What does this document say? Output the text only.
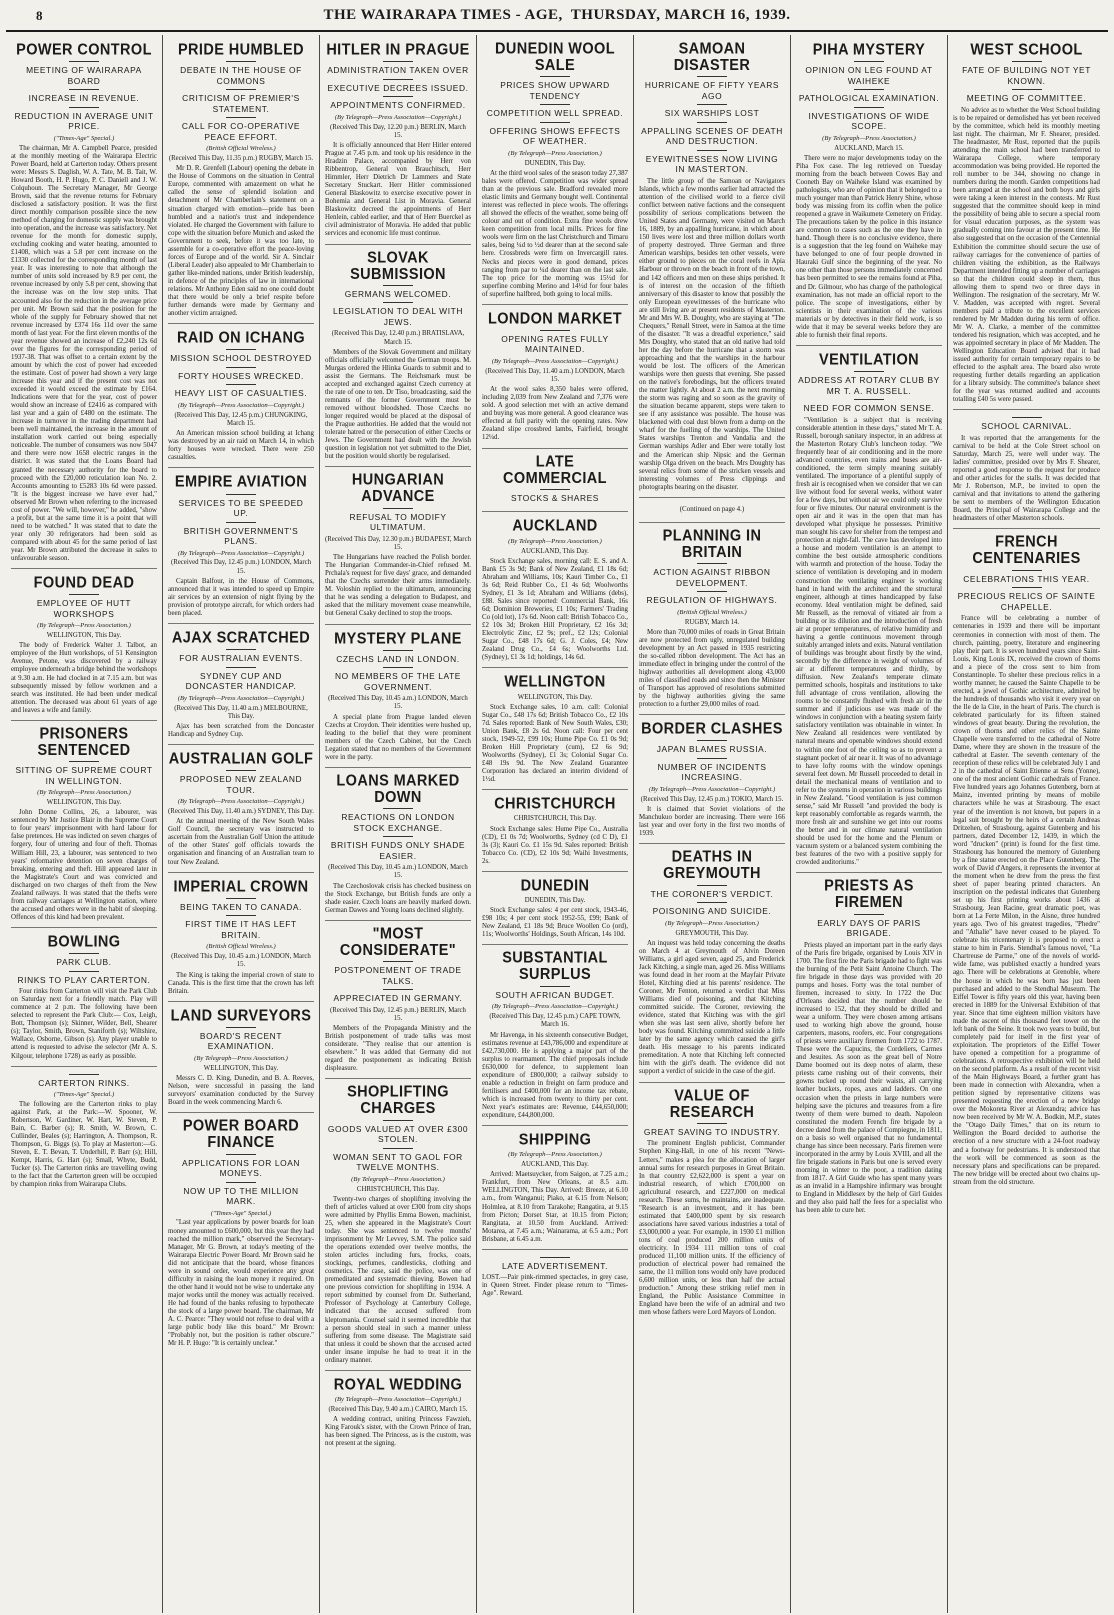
8	THE WAIRARAPA TIMES - AGE, THURSDAY, MARCH 16, 1939.
POWER CONTROL
MEETING OF WAIRARAPA BOARD
INCREASE IN REVENUE.
REDUCTION IN AVERAGE UNIT PRICE.
("Times-Age" Special.)

The chairman, Mr A. Campbell Pearce, presided at the monthly meeting of the Wairarapa Electric Power Board, held at Carterton today. Others present were: Messrs S. Daglish, W. A. Tate, M. B. Tait, W. Howard Booth, H. P. Hugo, P. C. Daniell and J. W. Colquhoun. The Secretary Manager, Mr George Brown, said that the revenue returns for February disclosed a satisfactory position. It was the first direct monthly comparison possible since the new method of charging for domestic supply was brought into operation, and the increase was satisfactory. Net revenue for the month for domestic supply, excluding cooking and water heating, amounted to £1408, which was a 5.8 per cent increase on the £1330 collected for the corresponding month of last year. It was interesting to note that although the number of units sold increased by 8.9 per cent, the revenue increased by only 5.8 per cent, showing that the increase was on the low step units. That accounted also for the reduction in the average price per unit. Mr Brown said that the position for the whole of the supply for February showed that net revenue increased by £374 16s 11d over the same month of last year. For the first eleven months of the year revenue showed an increase of £2,240 12s 6d over the figures for the corresponding period of 1937-38. That was offset to a certain extent by the amount by which the cost of power had exceeded the estimate. Cost of power had shown a very large increase this year and if the present cost was not exceeded it would exceed the estimate by £164. Indications were that for the year, cost of power would show an increase of £2416 as compared with last year and a gain of £480 on the estimate. The increase in turnover in the trading department had been well maintained, the increase in the amount of installation work carried out being especially noticeable. The number of consumers was now 5047 and there were now 1658 electric ranges in the district. It was stated that the Loans Board had granted the necessary authority for the board to proceed with the £20,000 reticulation loan No. 2. Accounts amounting to £5283 10s 6d were passed. "It is the biggest increase we have ever had," observed Mr Brown when referring to the increased cost of power. "We will, however," he added, "show a profit, but at the same time it is a point that will need to be watched." It was stated that to date the year only 30 refrigerators had been sold as compared with about 45 for the same period of last year. Mr Brown attributed the decrease in sales to unfavourable season.

FOUND DEAD
EMPLOYEE OF HUTT WORKSHOPS
(By Telegraph—Press Association.)
WELLINGTON, This Day.

The body of Frederick Walter J. Talbot, an employee of the Hutt workshops, of 51 Kensington Avenue, Petone, was discovered by a railway employee underneath a bridge behind the workshops at 9.30 a.m. He had clocked in at 7.15 a.m. but was subsequently missed by fellow workmen and a search was instituted. He had been under medical attention. The deceased was about 61 years of age and leaves a wife and family.

PRISONERS SENTENCED
SITTING OF SUPREME COURT IN WELLINGTON.
(By Telegraph—Press Association.)
WELLINGTON, This Day.

John Donne Collins, 26, a labourer, was sentenced by Mr Justice Blair in the Supreme Court to four years' imprisonment with hard labour for false pretences. He was indicted on seven charges of forgery, four of uttering and four of theft. Thomas William Hill, 23, a labourer, was sentenced to two years' reformative detention on seven charges of breaking, entering and theft. Hill appeared later in the Magistrate's Court and was convicted and discharged on two charges of theft from the New Zealand railways. It was stated that the thefts were from railway carriages at Wellington station, where the accused and others were in the habit of sleeping. Offences of this kind had been prevalent.

BOWLING
PARK CLUB.
RINKS TO PLAY CARTERTON.

Four rinks from Carterton will visit the Park Club on Saturday next for a friendly match. Play will commence at 2 p.m. The following have been selected to represent the Park Club:— Cox, Leigh, Bott, Thompson (s); Skinner, Wilder, Bell, Shearer (s); Taylor, Smith, Brown, Staniforth (s); Wiltshire, Wallace, Osborne, Gibson (s). Any player unable to attend is requested to advise the selector (Mr A. S. Kilgour, telephone 1728) as early as possible.

CARTERTON RINKS.
("Times-Age" Special.)

The following are the Carterton rinks to play against Park, at the Park:—W. Spooner, W. Robertson, W. Gardiner, W. Hart, W. Steven, P. Bain, C. Barber (s); R. Smith, W. Brown, C. Cullinder, Beales (s); Harrington, A. Thompson, R. Thompson, G. Biggs (s). To play at Masterton:—G. Steven, E. T. Bevan, T. Underhill, P. Barr (s); Hill, Kempt, Harris, G. Hart (s); Small, Whyte, Budd, Tucker (s). The Carterton rinks are travelling owing to the fact that the Carterton green will be occupied by champion rinks from Wairarapa Clubs.

PRIDE HUMBLED
DEBATE IN THE HOUSE OF COMMONS
CRITICISM OF PREMIER'S STATEMENT.
CALL FOR CO-OPERATIVE PEACE EFFORT.
(British Official Wireless.)
(Received This Day, 11.35 p.m.) RUGBY, March 15.

Mr D. R. Grenfell (Labour) opening the debate in the House of Commons on the situation in Central Europe, commented with amazement on what he called the sense of splendid isolation and detachment of Mr Chamberlain's statement on a situation charged with emotion—pride has been humbled and a nation's trust and independence violated. He charged the Government with failure to cope with the situation before Munich and asked the Government to seek, before it was too late, to assemble for a co-operative effort the peace-loving forces of Europe and of the world. Sir A. Sinclair (Liberal Leader) also appealed to Mr Chamberlain to gather like-minded nations, under British leadership, in defence of the principles of law in international relations. Mr Anthony Eden said no one could doubt that there would be only a brief respite before further demands were made by Germany and another victim arraigned.

RAID ON ICHANG
MISSION SCHOOL DESTROYED
FORTY HOUSES WRECKED.
HEAVY LIST OF CASUALTIES.
(By Telegraph—Press Association—Copyright.)
(Received This Day, 12.45 p.m.) CHUNGKING, March 15.

An American mission school building at Ichang was destroyed by an air raid on March 14, in which forty houses were wrecked. There were 250 casualties.

EMPIRE AVIATION
SERVICES TO BE SPEEDED UP.
BRITISH GOVERNMENT'S PLANS.
(By Telegraph—Press Association—Copyright.)
(Received This Day, 12.45 p.m.) LONDON, March 15.

Captain Balfour, in the House of Commons, announced that it was intended to speed up Empire air services by an extension of night flying by the provision of prototype aircraft, for which orders had been placed.

AJAX SCRATCHED
FOR AUSTRALIAN EVENTS.
SYDNEY CUP AND DONCASTER HANDICAP.
(By Telegraph—Press Association—Copyright.)
(Received This Day, 11.40 a.m.) MELBOURNE, This Day.

Ajax has been scratched from the Doncaster Handicap and Sydney Cup.

AUSTRALIAN GOLF
PROPOSED NEW ZEALAND TOUR.
(By Telegraph—Press Association—Copyright.)
(Received This Day, 11.40 a.m.) SYDNEY, This Day.

At the annual meeting of the New South Wales Golf Council, the secretary was instructed to ascertain from the Australian Golf Union the attitude of the other States' golf officials towards the organisation and financing of an Australian team to tour New Zealand.

IMPERIAL CROWN
BEING TAKEN TO CANADA.
FIRST TIME IT HAS LEFT BRITAIN.
(British Official Wireless.)
(Received This Day, 10.45 a.m.) LONDON, March 15.

The King is taking the imperial crown of state to Canada. This is the first time that the crown has left Britain.

LAND SURVEYORS
BOARD'S RECENT EXAMINATION.
(By Telegraph—Press Association.)
WELLINGTON, This Day.

Messrs C. D. King, Dunedin, and B. A. Reeves, Nelson, were successful in passing the land surveyors' examination conducted by the Survey Board in the week commencing March 6.

POWER BOARD FINANCE
APPLICATIONS FOR LOAN MONEYS.
NOW UP TO THE MILLION MARK.
("Times-Age" Special.)

"Last year applications by power boards for loan money amounted to £600,000, but this year they had reached the million mark," observed the Secretary-Manager, Mr G. Brown, at today's meeting of the Wairarapa Electric Power Board. Mr Brown said he did not anticipate that the board, whose finances were in sound order, would experience any great difficulty in raising the loan money it required. On the other hand it would not be wise to undertake any major works until the money was actually received. He had found of the banks refusing to hypothecate the stock of a large power board. The chairman, Mr A. C. Pearce: "They would not refuse to deal with a large public body like this board." Mr Brown: "Probably not, but the position is rather obscure." Mr H. P. Hugo: "It is certainly unclear."

HITLER IN PRAGUE
ADMINISTRATION TAKEN OVER
EXECUTIVE DECREES ISSUED.
APPOINTMENTS CONFIRMED.
(By Telegraph—Press Association—Copyright.)
(Received This Day, 12.20 p.m.) BERLIN, March 15.

It is officially announced that Herr Hitler entered Prague at 7.45 p.m. and took up his residence in the Hradzin Palace, accompanied by Herr von Ribbentrop, General von Brauchitsch, Herr Himmler, Herr Dietrich Dr Lammers and State Secretary Stuckart. Herr Hitler commissioned General Blaskowitz to exercise executive power in Bohemia and General List in Moravia. General Blaskowitz decreed the appointments of Herr Henlein, cabled earlier, and that of Herr Buerckel as civil administrator of Moravia. He added that public services and economic life must continue.

SLOVAK SUBMISSION
GERMANS WELCOMED.
LEGISLATION TO DEAL WITH JEWS.
(Received This Day, 12.40 p.m.) BRATISLAVA, March 15.

Members of the Slovak Government and military officials officially welcomed the German troops. M. Murgas ordered the Hlinka Guards to submit and to assist the Germans. The Reichsmark must be accepted and exchanged against Czech currency at the rate of one to ten. Dr Tiso, broadcasting, said the remnants of the former Government must be removed without bloodshed. Those Czechs no longer required would be placed at the disposal of the Prague authorities. He added that the would not tolerate hatred or the persecution of either Czechs or Jews. The Government had dealt with the Jewish question in legislation not yet submitted to the Diet, but the position would shortly be regularised.

HUNGARIAN ADVANCE
REFUSAL TO MODIFY ULTIMATUM.
(Received This Day, 12.30 p.m.) BUDAPEST, March 15.

The Hungarians have reached the Polish border. The Hungarian Commander-in-Chief refused M. Prchala's request for five days' grace, and demanded that the Czechs surrender their arms immediately. M. Voloshin replied to the ultimatum, announcing that he was sending a delegation to Budapest, and asked that the military movement cease meanwhile, but General Csaky declined to stop the troops.

MYSTERY PLANE
CZECHS LAND IN LONDON.
NO MEMBERS OF THE LATE GOVERNMENT.
(Received This Day, 10.45 a.m.) LONDON, March 15.

A special plane from Prague landed eleven Czechs at Croydon. Their identities were hushed up, leading to the belief that they were prominent members of the Czech Cabinet, but the Czech Legation stated that no members of the Government were in the party.

LOANS MARKED DOWN
REACTIONS ON LONDON STOCK EXCHANGE.
BRITISH FUNDS ONLY SHADE EASIER.
(Received This Day, 10.45 a.m.) LONDON, March 15.

The Czechoslovak crisis has checked business on the Stock Exchange, but British funds are only a shade easier. Czech loans are heavily marked down. German Dawes and Young loans declined slightly.

"MOST CONSIDERATE"
POSTPONEMENT OF TRADE TALKS.
APPRECIATED IN GERMANY.
(Received This Day, 12.45 p.m.) BERLIN, March 15.

Members of the Propaganda Ministry and the British postponement of trade talks was most considerate. "They realise that our attention is elsewhere." It was added that Germany did not regard the postponement as indicating British displeasure.

SHOPLIFTING CHARGES
GOODS VALUED AT OVER £300 STOLEN.
WOMAN SENT TO GAOL FOR TWELVE MONTHS.
(By Telegraph—Press Association.)
CHRISTCHURCH, This Day.

Twenty-two charges of shoplifting involving the theft of articles valued at over £300 from city shops were admitted by Phyllis Emma Bowen, machinist, 25, when she appeared in the Magistrate's Court today. She was sentenced to twelve months' imprisonment by Mr Levvey, S.M. The police said the operations extended over twelve months, the stolen articles including furs, frocks, coats, stockings, perfumes, candlesticks, clothing and cosmetics. The case, said the police, was one of premeditated and systematic thieving. Bowen had one previous conviction for shoplifting in 1934. A report submitted by counsel from Dr. Sutherland, Professor of Psychology at Canterbury College, indicated that the accused suffered from kleptomania. Counsel said it seemed incredible that a person should steal in such a manner unless suffering from some disease. The Magistrate said that unless it could be shown that the accused acted under insane impulse he had to treat it in the ordinary manner.

ROYAL WEDDING
(By Telegraph—Press Association—Copyright.)
(Received This Day, 9.40 a.m.) CAIRO, March 15.

A wedding contract, uniting Princess Fawzieh, King Farouk's sister, with the Crown Prince of Iran, has been signed. The Princess, as is the custom, was not present at the signing.

DUNEDIN WOOL SALE
PRICES SHOW UPWARD TENDENCY
COMPETITION WELL SPREAD.
OFFERING SHOWS EFFECTS OF WEATHER.
(By Telegraph—Press Association.)
DUNEDIN, This Day.

At the third wool sales of the season today 27,387 bales were offered. Competition was wider spread than at the previous sale. Bradford revealed more elastic limits and Germany bought well. Continental interest was reflected in piece wools. The offerings all showed the effects of the weather, some being off colour and out of condition. Extra fine wools drew keen competition from local mills. Prices for fine wools were firm on the last Christchurch and Timaru sales, being ¼d to ½d dearer than at the second sale here. Crossbreds were firm on Invercargill rates. Necks and pieces were in good demand, prices ranging from par to ¼d dearer than on the last sale. The top price for the morning was 15½d for superfine combing Merino and 14½d for four bales of superfine halfbred, both going to local mills.

LONDON MARKET
OPENING RATES FULLY MAINTAINED.
(By Telegraph—Press Association—Copyright.)
(Received This Day, 11.40 a.m.) LONDON, March 15.

At the wool sales 8,350 bales were offered, including 2,039 from New Zealand and 7,376 were sold. A good selection met with an active demand and buying was more general. A good clearance was effected at full parity with the opening rates. New Zealand slipe crossbred lambs, Fairfield, brought 12¼d.

LATE COMMERCIAL
STOCKS & SHARES
AUCKLAND
(By Telegraph—Press Association.)
AUCKLAND, This Day.

Stock Exchange sales, morning call: E. S. and A. Bank £5 3s 9d; Bank of New Zealand, £1 18s 6d; Abraham and Williams, 10s; Kauri Timber Co., £1 3s 6d; Reid Rubber Co., £1 4s 6d; Woolworths Sydney, £1 3s 1d; Abraham and Williams (debs), £88. Sales since reported: Commercial Bank, 16s 6d; Dominion Breweries, £1 10s; Farmers' Trading Co (old lot), 17s 6d. Noon call: British Tobacco Co., £2 10s 3d; Broken Hill Proprietary, £2 16s 3d; Electrolytic Zinc, £2 9s; pref., £2 12s; Colonial Sugar Co., £48 17s 6d; G. J. Coles, £4; New Zealand Drug Co., £4 6s; Woolworths Ltd. (Sydney), £1 3s 1d; holdings, 14s 6d.

WELLINGTON
WELLINGTON, This Day.

Stock Exchange sales, 10 a.m. call: Colonial Sugar Co., £48 17s 6d; British Tobacco Co., £2 10s 7d. Sales reported: Bank of New South Wales, £30; Union Bank, £8 2s 6d. Noon call: Four per cent stock, 1949-52, £99 10s; Hume Pipe Co. £1 0s 9d; Broken Hill Proprietary (cum), £2 6s 9d; Woolworths (Sydney), £1 3s; Colonial Sugar Co. £48 19s 9d. The New Zealand Guarantee Corporation has declared an interim dividend of 1½d.

CHRISTCHURCH
CHRISTCHURCH, This Day.

Stock Exchange sales: Hume Pipe Co., Australia (CD), £1 0s 7d; Woolworths, Sydney (cd C D), £1 3s (3); Kauri Co. £1 15s 9d. Sales reported: British Tobacco Co. (CD), £2 10s 9d; Waihi Investments, 2s.

DUNEDIN
DUNEDIN, This Day.

Stock Exchange sales: 4 per cent stock, 1943-46, £98 10s; 4 per cent stock 1952-55, £99; Bank of New Zealand, £1 18s 9d; Bruce Woollen Co (ord), 11s; Woolworths' Holdings, South African, 14s 10d.

SUBSTANTIAL SURPLUS
SOUTH AFRICAN BUDGET.
(By Telegraph—Press Association—Copyright.)
(Received This Day, 12.45 p.m.) CAPE TOWN, March 16.

Mr Havenga, in his sixteenth consecutive Budget, estimates revenue at £43,786,000 and expenditure at £42,730,000. He is applying a major part of the surplus to rearmament. The chief proposals include £630,000 for defence, to supplement loan expenditure of £800,000; a railway subsidy to enable a reduction in freight on farm produce and fertilisers and £400,000 for an income tax rebate, which is increased from twenty to thirty per cent. Next year's estimates are: Revenue, £44,650,000; expenditure, £44,800,000.

SHIPPING
(By Telegraph—Press Association.)
AUCKLAND, This Day.

Arrived: Maetsuycker, from Saigon, at 7.25 a.m.; Frankfurt, from New Orleans, at 8.5 a.m. WELLINGTON, This Day. Arrived: Breeze, at 6.10 a.m., from Wanganui; Piako, at 6.15 from Nelson; Holmlea, at 8.10 from Tarakohe; Rangatira, at 9.15 from Picton; Dorset Star, at 10.15 from Picton; Rangitata, at 10.50 from Auckland. Arrived: Motarea, at 7.45 a.m.; Wainarama, at 6.5 a.m.; Port Brisbane, at 6.45 a.m.

LATE ADVERTISEMENT.
LOST.—Pair pink-rimmed spectacles, in grey case, in Queen Street. Finder please return to "Times-Age". Reward.
SAMOAN DISASTER
HURRICANE OF FIFTY YEARS AGO
SIX WARSHIPS LOST
APPALLING SCENES OF DEATH AND DESTRUCTION.
EYEWITNESSES NOW LIVING IN MASTERTON.

The little group of the Samoan or Navigators Islands, which a few months earlier had attracted the attention of the civilised world to a fierce civil conflict between native factions and the consequent possibility of serious complications between the United States and Germany, were visited on March 16, 1889, by an appalling hurricane, in which about 150 lives were lost and three million dollars worth of property destroyed. Three German and three American warships, besides ten other vessels, were either ground to pieces on the coral reefs in Apia Harbour or thrown on the beach in front of the town, and 142 officers and men on these ships perished. It is of interest on the occasion of the fiftieth anniversary of this disaster to know that possibly the only European eyewitnesses of the hurricane who are still living are at present residents of Masterton. Mr and Mrs W. B. Doughty, who are staying at "The Chequers," Renall Street, were in Samoa at the time of the disaster. "It was a dreadful experience," said Mrs Doughty, who stated that an old native had told her the day before the hurricane that a storm was approaching and that the warships in the harbour would be lost. The officers of the American warships were then guests that evening. She passed on the native's forebodings, but the officers treated the matter lightly. At about 2 a.m. the next morning the storm was raging and so soon as the gravity of the situation became apparent, steps were taken to see if any assistance was possible. The house was blackened with coal dust blown from a dump on the wharf for the fuelling of the warships. The United States warships Trenton and Vandalia and the German warships Adler and Eber were totally lost and the American ship Nipsic and the German warship Olga driven on the beach. Mrs Doughty has several relics from some of the stricken vessels and interesting volumes of Press clippings and photographs bearing on the disaster.

(Continued on page 4.)
PLANNING IN BRITAIN
ACTION AGAINST RIBBON DEVELOPMENT.
REGULATION OF HIGHWAYS.
(British Official Wireless.)
RUGBY, March 14.

More than 70,000 miles of roads in Great Britain are now protected from ugly, unregulated building development by an Act passed in 1935 restricting the so-called ribbon development. The Act has an immediate effect in bringing under the control of the highway authorities all development along 43,000 miles of classified roads and since then the Minister of Transport has approved of resolutions submitted by the highway authorities giving the same protection to a further 29,000 miles of road.

BORDER CLASHES
JAPAN BLAMES RUSSIA.
NUMBER OF INCIDENTS INCREASING.
(By Telegraph—Press Association—Copyright.)
(Received This Day, 12.45 p.m.) TOKIO, March 15.

It is claimed that Soviet violations of the Manchukuo border are increasing. There were 166 last year and over forty in the first two months of 1939.

DEATHS IN GREYMOUTH
THE CORONER'S VERDICT.
POISONING AND SUICIDE.
(By Telegraph—Press Association.)
GREYMOUTH, This Day.

An inquest was held today concerning the deaths on March 4 at Greymouth of Alvin Doreen Williams, a girl aged seven, aged 25, and Frederick Jack Kitching, a single man, aged 26. Miss Williams was found dead in her room at the Mayfair Private Hotel, Kitching died at his parents' residence. The Coroner, Mr Fenton, returned a verdict that Miss Williams died of poisoning, and that Kitching committed suicide. The Coroner, reviewing the evidence, stated that Kitching was with the girl when she was last seen alive, shortly before her body was found. Kitching committed suicide a little later by the same agency which caused the girl's death. His message to his parents indicated premeditation. A note that Kitching left connected him with the girl's death. The evidence did not support a verdict of suicide in the case of the girl.

VALUE OF RESEARCH
GREAT SAVING TO INDUSTRY.

The prominent English publicist, Commander Stephen King-Hall, in one of his recent "News-Letters," makes a plea for the allocation of larger annual sums for research purposes in Great Britain. In that country £2,622,000 is spent a year on industrial research, of which £700,000 on agricultural research, and £227,000 on medical research. These sums, he maintains, are inadequate. "Research is an investment, and it has been estimated that £400,000 spent by six research associations have saved various industries a total of £3,000,000 a year. For example, in 1930 £1 million tons of coal produced 200 million units of electricity. In 1934 111 million tons of coal produced 11,100 million units. If the efficiency of production of electrical power had remained the same, the 11 million tons would only have produced 6,600 million units, or less than half the actual production." Among these striking relief men in England, the Public Assistance Committee in England have been the wife of an admiral and two men whose fathers were Lord Mayors of London.

PIHA MYSTERY
OPINION ON LEG FOUND AT WAIHEKE
PATHOLOGICAL EXAMINATION.
INVESTIGATIONS OF WIDE SCOPE.
(By Telegraph—Press Association.)
AUCKLAND, March 15.

There were no major developments today on the Piha Fox case. The leg retrieved on Tuesday morning from the beach between Cowes Bay and Cooneth Bay on Waiheke Island was examined by pathologists, who are of opinion that it belonged to a much younger man than Patrick Henry Shine, whose body was missing from its coffin when the police reopened a grave in Waikumete Cemetery on Friday. The precautions taken by the police in this instance are common to cases such as the one they have in hand. Though there is no conclusive evidence, there is a suggestion that the leg found on Waiheke may have belonged to one of four people drowned in Hauraki Gulf since the beginning of the year. No one other than those persons immediately concerned has been permitted to see the remains found at Piha, and Dr. Gilmour, who has charge of the pathological examination, has not made an official report to the police. The scope of investigations, either by scientists in their examination of the various materials or by detectives in their field work, is so wide that it may be several weeks before they are able to furnish their final reports.

VENTILATION
ADDRESS AT ROTARY CLUB BY MR T. A. RUSSELL.
NEED FOR COMMON SENSE.

"Ventilation is a subject that is receiving considerable attention in these days," stated Mr T. A. Russell, borough sanitary inspector, in an address at the Masterton Rotary Club's luncheon today. "We frequently hear of air conditioning and in the more advanced countries, even trains and buses are air-conditioned, the term simply meaning suitably ventilated. The importance of a plentiful supply of fresh air is recognised when we consider that we can live without food for several weeks, without water for a few days, but without air we could only survive four or five minutes. Our natural environment is the open air and it was in the open that man has developed what physique he possesses. Primitive man sought his cave for shelter from the tempest and protection at night-fall. The cave has developed into a house and modern ventilation is an attempt to combine the best outside atmospheric conditions with warmth and protection of the house. Today the science of ventilation is developing and in modern construction the ventilating engineer is working hand in hand with the architect and the structural engineer, although at times handicapped by false economy. Ideal ventilation might be defined, said Mr Russell, as the removal of vitiated air from a building or its dilution and the introduction of fresh air at proper temperatures, of relative humidity and having a gentle continuous movement through suitably arranged inlets and exits. Natural ventilation of buildings was brought about firstly by the wind, secondly by the difference in weight of volumes of air at different temperatures and thirdly, by diffusion. New Zealand's temperate climate permitted schools, hospitals and institutions to take full advantage of cross ventilation, allowing the rooms to be constantly flushed with fresh air in the summer and if judicious use was made of the windows in conjunction with a heating system fairly satisfactory ventilation was obtainable in winter. In New Zealand all residences were ventilated by natural means and openable windows should extend to within one foot of the ceiling so as to prevent a stagnant pocket of air near it. It was of no advantage to have lofty rooms with the window openings several feet down. Mr Russell proceeded to detail in detail the mechanical means of ventilation and to refer to the systems in operation in various buildings in New Zealand. "Good ventilation is just common sense," said Mr Russell "and provided the body is kept reasonably comfortable as regards warmth, the more fresh air and sunshine we get into our rooms the better and in our climate natural ventilation should be used for the home and the Plenum or vacuum system or a balanced system combining the best features of the two with a positive supply for crowded auditoriums."

PRIESTS AS FIREMEN
EARLY DAYS OF PARIS BRIGADE.

Priests played an important part in the early days of the Paris fire brigade, organised by Louis XIV in 1700. The first fire the Paris brigade had to fight was the burning of the Petit Saint Antoine Church. The fire brigade in those days was provided with 20 pumps and hoses. Forty was the total number of firemen, increased to sixty. In 1722 the Duc d'Orleans decided that the number should be increased to 152, that they should be drilled and wear a uniform. They were chosen among artisans used to working high above the ground, house carpenters, masons, roofers, etc. Four congregations of priests were auxiliary firemen from 1722 to 1787. These were the Capucins, the Cordeliers, Carmes and Jesuites. As soon as the great bell of Notre Dame boomed out its deep notes of alarm, these priests came rushing out of their convents, their gowns tucked up round their waists, all carrying leather buckets, ropes, axes and ladders. On one occasion when the priests in large numbers were helping save the pictures and treasures from a fire twenty of them were burned to death. Napoleon constituted the modern French fire brigade by a decree dated from the palace of Compiegne, in 1811, on a basis so well organised that no fundamental change has since been necessary. Paris firemen were incorporated in the army by Louis XVIII, and all the fire brigade stations in Paris but one is served every morning in winter to the poor, a tradition dating from 1817. A Girl Guide who has spent many years as an invalid in a Hampshire infirmary was brought to England in Middlesex by the help of Girl Guides and they also paid half the fees for a specialist who has been able to cure her.

WEST SCHOOL
FATE OF BUILDING NOT YET KNOWN.
MEETING OF COMMITTEE.

No advice as to whether the West School building is to be repaired or demolished has yet been received by the committee, which held its monthly meeting last night. The chairman, Mr F. Shearer, presided. The headmaster, Mr Rust, reported that the pupils attending the main school had been transferred to Wairarapa College, where temporary accommodation was being provided. He reported the roll number to be 344, showing no change in numbers during the month. Garden competitions had been arranged at the school and both boys and girls were taking a keen interest in the contests. Mr Rust suggested that the committee should keep in mind the possibility of being able to secure a special room for visual education purposes, as the system was gradually coming into favour at the present time. He also suggested that on the occasion of the Centennial Exhibition the committee should secure the use of railway carriages for the convenience of parties of children visiting the exhibition, as the Railways Department intended fitting up a number of carriages so that the children could sleep in them, thus allowing them to spend two or three days in Wellington. The resignation of the secretary, Mr W. V. Madden, was accepted with regret. Several members paid a tribute to the excellent services rendered by Mr Madden during his term of office. Mr W. A. Clarke, a member of the committee tendered his resignation, which was accepted, and he was appointed secretary in place of Mr Madden. The Wellington Education Board advised that it had issued authority for certain temporary repairs to be effected to the asphalt area. The board also wrote requesting further details regarding an application for a library subsidy. The committee's balance sheet for the year was returned audited and accounts totalling £40 5s were passed.

SCHOOL CARNIVAL.

It was reported that the arrangements for the carnival to be held at the Cole Street school on Saturday, March 25, were well under way. The ladies' committee, presided over by Mrs F. Shearer, reported a good response to the request for produce and other articles for the stalls. It was decided that Mr J. Robertson, M.P., be invited to open the carnival and that invitations to attend the gathering be sent to members of the Wellington Education Board, the Principal of Wairarapa College and the headmasters of other Masterton schools.

FRENCH CENTENARIES
CELEBRATIONS THIS YEAR.
PRECIOUS RELICS OF SAINTE CHAPELLE.

France will be celebrating a number of centenaries in 1939 and there will be important ceremonies in connection with most of them. The church, painting, poetry, literature and engineering play their part. It is seven hundred years since Saint-Louis, King Louis IX, received the crown of thorns and a piece of the cross sent to him from Constantinople. To shelter these precious relics in a worthy manner, he caused the Sainte Chapelle to be erected, a jewel of Gothic architecture, admired by the hundreds of thousands who visit it every year on the Ile de la Cite, in the heart of Paris. The church is celebrated particularly for its fifteen stained windows of great beauty. During the revolution, the crown of thorns and other relics of the Sainte Chapelle were transferred to the cathedral of Notre Dame, where they are shown in the treasure of the cathedral at Easter. The seventh centenary of the reception of these relics will be celebrated July 1 and 2 in the cathedral of Saint Etienne at Sens (Yonne), one of the most ancient Gothic cathedrals of France. Five hundred years ago Johannes Gutenberg, born at Mainz, invented printing by means of mobile characters while he was at Strasbourg. The exact year of the invention is not known, but papers in a legal suit brought by the heirs of a certain Andreas Dritzehen, of Strasbourg, against Gutenberg and his partners, dated December 12, 1439, in which the word "drucken" (print) is found for the first time. Strasbourg has honoured the memory of Gutenberg by a fine statue erected on the Place Gutenberg. The work of David d'Angers, it represents the inventor at the moment when he drew from the press the first sheet of paper bearing printed characters. An inscription on the pedestal indicates that Gutenberg set up his first printing works about 1436 at Strasbourg. Jean Racine, great dramatic poet, was born at La Ferte Milon, in the Aisne, three hundred years ago. Two of his greatest tragedies, "Phedre" and "Athalie" have never ceased to be played. To celebrate his tricentenary it is proposed to erect a statue to him in Paris. Stendhal's famous novel, "La Chartreuse de Parme," one of the novels of world-wide fame, was published exactly a hundred years ago. There will be celebrations at Grenoble, where the house in which he was born has just been purchased and added to the Stendhal Museum. The Eiffel Tower is fifty years old this year, having been erected in 1889 for the Universal Exhibition of that year. Since that time eighteen million visitors have made the ascent of this thousand feet tower on the left bank of the Seine. It took two years to build, but completely paid for itself in the first year of exploitation. The proprietors of the Eiffel Tower have opened a competition for a programme of celebrations. A retrospective exhibition will be held on the second platform. As a result of the recent visit of the Main Highways Board, a further grant has been made in connection with Alexandra, when a petition signed by representative citizens was presented requesting the erection of a new bridge over the Mokoreta River at Alexandra; advice has now been received by Mr W. A. Bodkin, M.P., states the "Otago Daily Times," that on its return to Wellington the Board decided to authorise the erection of a new structure with a 24-foot roadway and a footway for pedestrians. It is understood that the work will be commenced as soon as the necessary plans and specifications can be prepared. The new bridge will be erected about two chains up-stream from the old structure.
